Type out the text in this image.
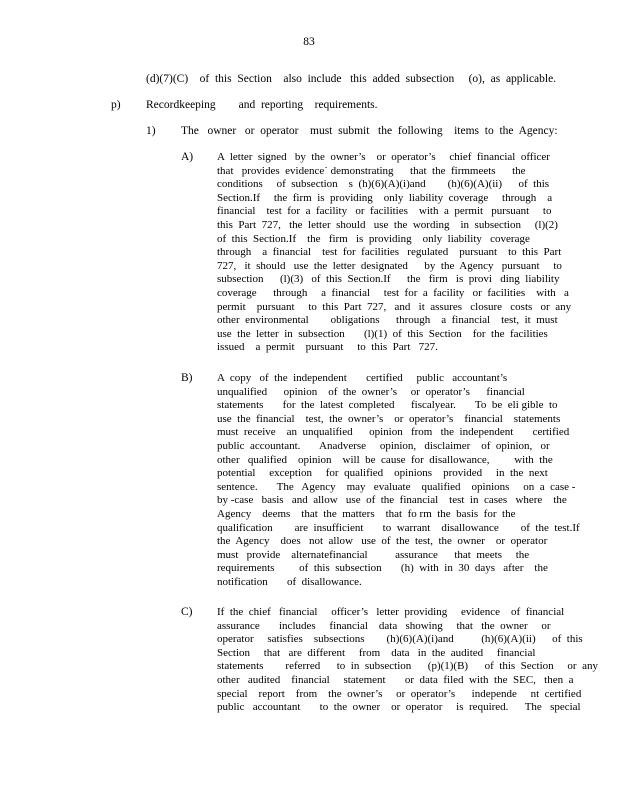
83
(d)(7)(C)    of  this  Section    also  include   this  added  subsection     (o),  as  applicable.
p) Recordkeeping        and  reporting    requirements.
1) The   owner   or  operator    must  submit   the  following    items  to  the  Agency:
A) A  letter  signed   by  the  owner’s    or  operator’s     chief  financial  officer
that   provides  evidence˙ demonstrating      that  the  firmmeets      the
conditions     of  subsection    s  (h)(6)(A)(i)and        (h)(6)(A)(ii)      of  this
Section.If     the  firm  is  providing    only  liability  coverage     through    a
financial    test  for  a  facility   or  facilities    with  a  permit   pursuant     to
this  Part  727,   the  letter  should   use  the  wording    in  subsection     (l)(2)
of  this  Section.If    the   firm   is  providing    only  liability   coverage
through    a  financial    test  for  facilities   regulated    pursuant    to  this  Part
727,   it  should   use  the  letter  designated      by  the  Agency   pursuant     to
subsection      (l)(3)   of  this  Section.If      the   firm   is  provi   ding  liability
coverage      through     a  financial     test  for  a  facility   or  facilities    with   a
permit    pursuant     to  this  Part  727,   and   it  assures   closure   costs   or  any
other  environmental        obligations      through    a  financial    test,  it  must
use  the  letter  in  subsection       (l)(1)  of  this  Section    for  the  facilities
issued    a  permit    pursuant     to  this  Part   727.
B) A  copy   of  the  independent       certified     public   accountant’s
unqualified      opinion    of  the  owner’s     or  operator’s      financial
statements       for  the  latest  completed      fiscalyear.       To  be  eli gible  to
use  the  financial    test,  the  owner’s    or  operator’s    financial    statements
must  receive    an  unqualified      opinion   from   the  independent       certified
public  accountant.       Anadverse     opinion,   disclaimer    of  opinion,   or
other   qualified    opinion    will  be  cause  for  disallowance,         with  the
potential     exception     for  qualified    opinions    provided     in  the  next
sentence.       The   Agency    may   evaluate    qualified    opinions     on  a  case -
by -case   basis   and  allow   use  of  the  financial    test  in  cases   where    the
Agency    deems    that  the  matters    that  fo rm  the  basis  for  the
qualification        are  insufficient       to  warrant    disallowance        of  the  test.If
the  Agency    does   not  allow   use  of  the  test,  the  owner    or  operator
must   provide    alternatefinancial          assurance      that  meets     the
requirements         of  this  subsection       (h)  with  in  30  days   after    the
notification       of  disallowance.
C) If  the  chief   financial     officer’s   letter  providing     evidence    of  financial
assurance       includes     financial    data   showing     that   the  owner     or
operator     satisfies    subsections        (h)(6)(A)(i)and          (h)(6)(A)(ii)      of  this
Section     that   are  different     from    data   in  the  audited     financial
statements        referred      to  in  subsection      (p)(1)(B)      of  this  Section     or  any
other   audited    financial     statement       or  data  filed  with  the  SEC,   then  a
special    report    from    the  owner’s     or  operator’s      independe     nt  certified
public   accountant       to  the  owner    or  operator     is  required.      The   special
